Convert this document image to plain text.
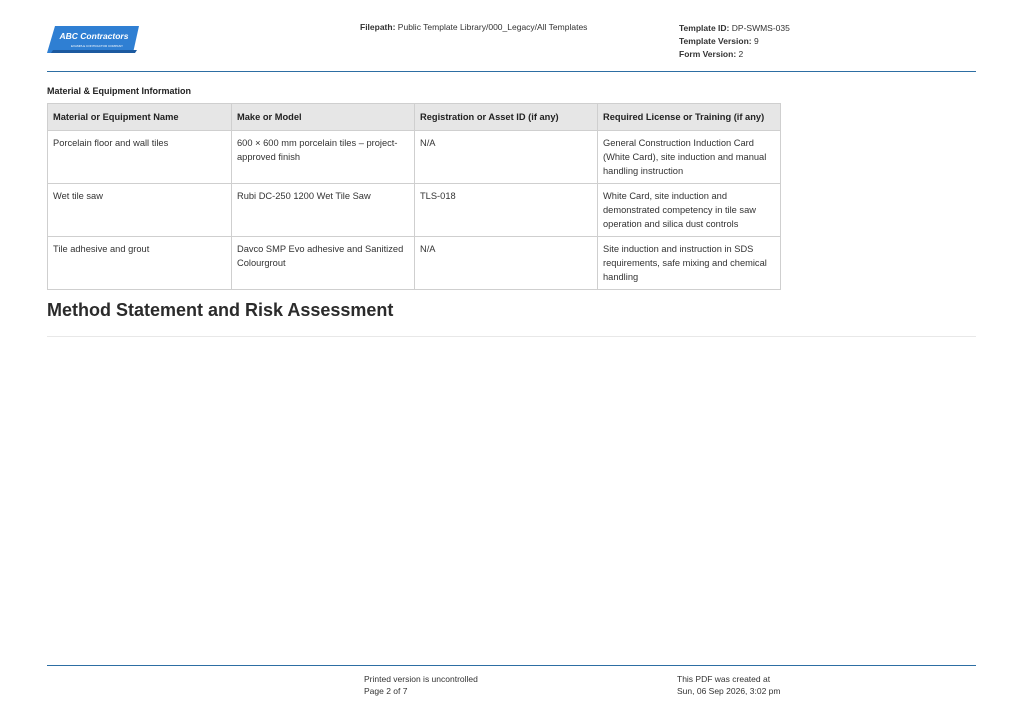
ABC Contractors
EXAMPLE CONTRACTOR COMPANY
Filepath: Public Template Library/000_Legacy/All Templates	Template ID: DP-SWMS-035
Template Version: 9
Form Version: 2
Material & Equipment Information
Material or Equipment Name	Make or Model	Registration or Asset ID (if any)	Required License or Training (if any)
Porcelain floor and wall tiles	600 × 600 mm porcelain tiles – project-approved finish	N/A	General Construction Induction Card (White Card), site induction and manual handling instruction
Wet tile saw	Rubi DC-250 1200 Wet Tile Saw	TLS-018	White Card, site induction and demonstrated competency in tile saw operation and silica dust controls
Tile adhesive and grout	Davco SMP Evo adhesive and Sanitized Colourgrout	N/A	Site induction and instruction in SDS requirements, safe mixing and chemical handling
Method Statement and Risk Assessment
Printed version is uncontrolled
Page 2 of 7
This PDF was created at
Sun, 06 Sep 2026, 3:02 pm
